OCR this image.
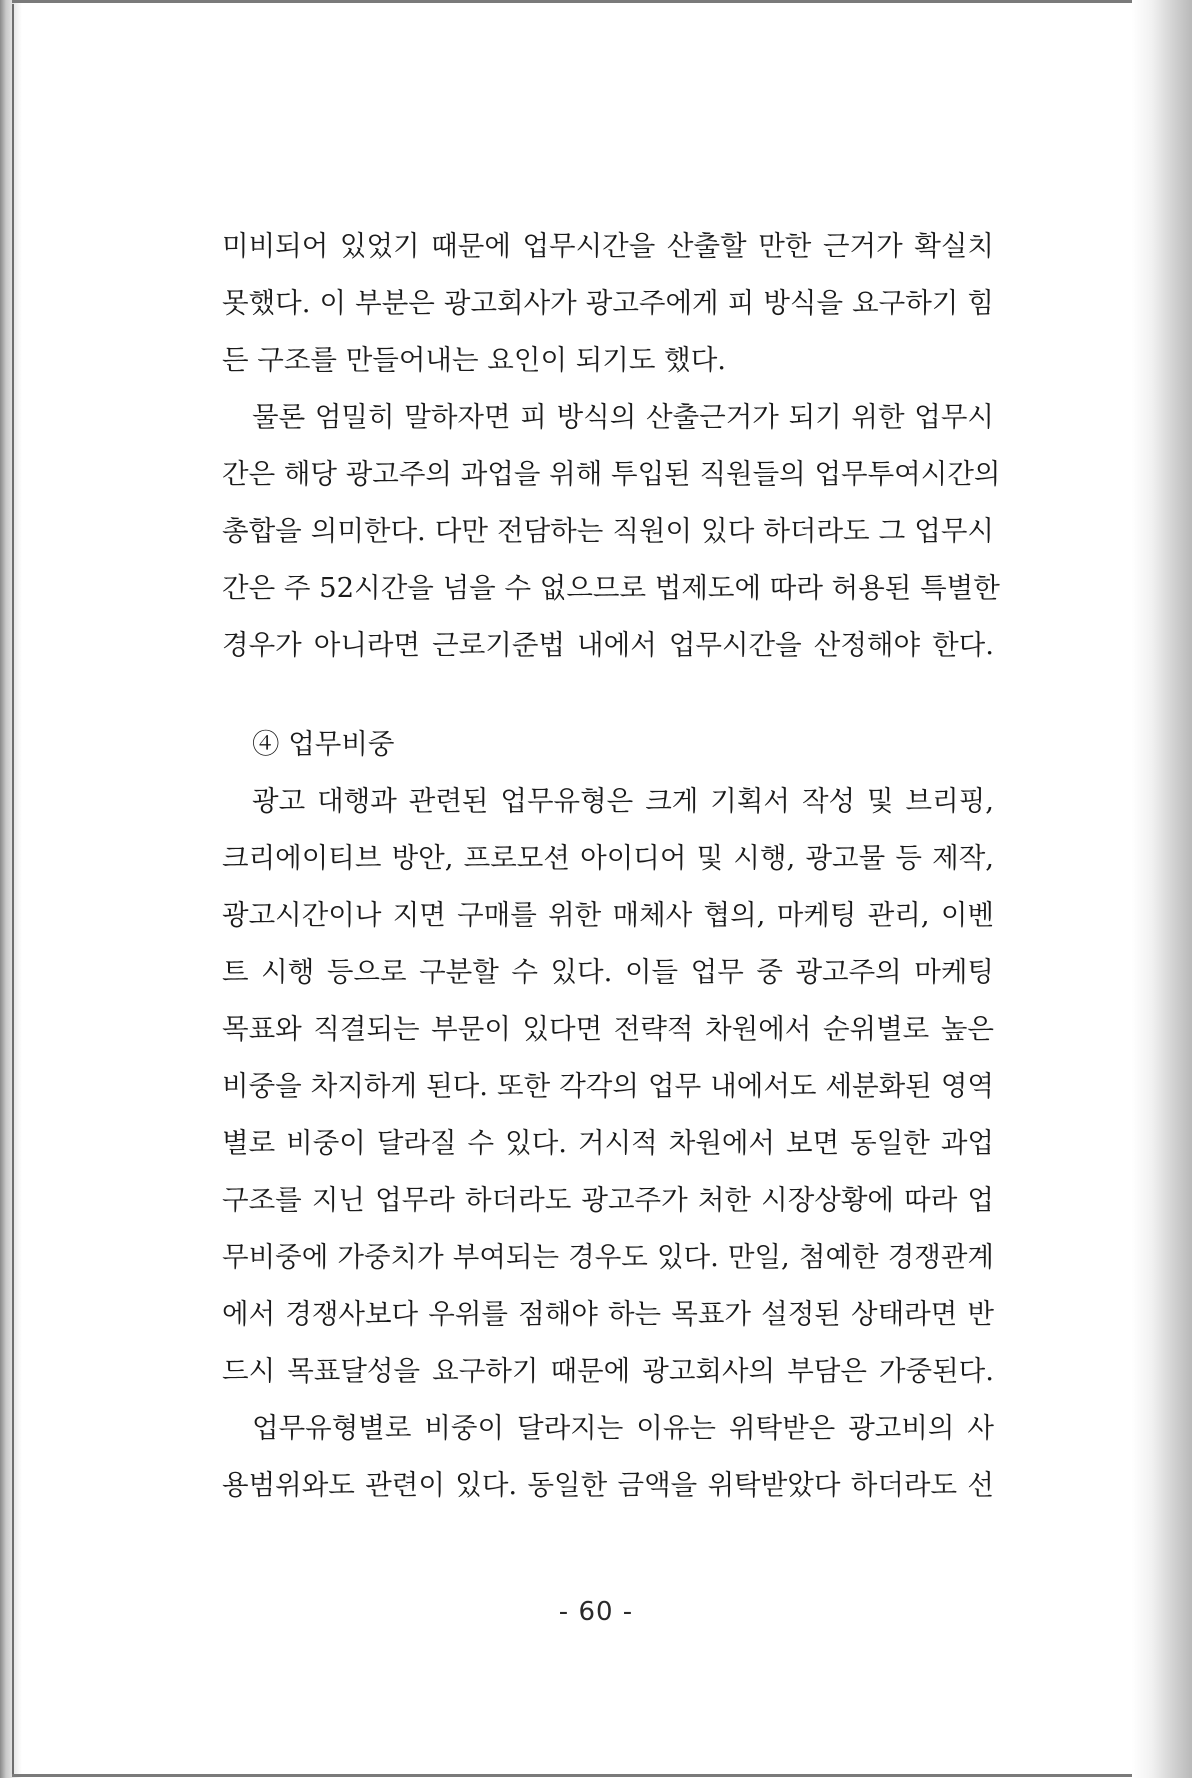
미비되어 있었기 때문에 업무시간을 산출할 만한 근거가 확실치
못했다. 이 부분은 광고회사가 광고주에게 피 방식을 요구하기 힘
든 구조를 만들어내는 요인이 되기도 했다.
물론 엄밀히 말하자면 피 방식의 산출근거가 되기 위한 업무시
간은 해당 광고주의 과업을 위해 투입된 직원들의 업무투여시간의
총합을 의미한다. 다만 전담하는 직원이 있다 하더라도 그 업무시
간은 주 52시간을 넘을 수 없으므로 법제도에 따라 허용된 특별한
경우가 아니라면 근로기준법 내에서 업무시간을 산정해야 한다.
④ 업무비중
광고 대행과 관련된 업무유형은 크게 기획서 작성 및 브리핑,
크리에이티브 방안, 프로모션 아이디어 및 시행, 광고물 등 제작,
광고시간이나 지면 구매를 위한 매체사 협의, 마케팅 관리, 이벤
트 시행 등으로 구분할 수 있다. 이들 업무 중 광고주의 마케팅
목표와 직결되는 부문이 있다면 전략적 차원에서 순위별로 높은
비중을 차지하게 된다. 또한 각각의 업무 내에서도 세분화된 영역
별로 비중이 달라질 수 있다. 거시적 차원에서 보면 동일한 과업
구조를 지닌 업무라 하더라도 광고주가 처한 시장상황에 따라 업
무비중에 가중치가 부여되는 경우도 있다. 만일, 첨예한 경쟁관계
에서 경쟁사보다 우위를 점해야 하는 목표가 설정된 상태라면 반
드시 목표달성을 요구하기 때문에 광고회사의 부담은 가중된다.
업무유형별로 비중이 달라지는 이유는 위탁받은 광고비의 사
용범위와도 관련이 있다. 동일한 금액을 위탁받았다 하더라도 선
- 60 -
